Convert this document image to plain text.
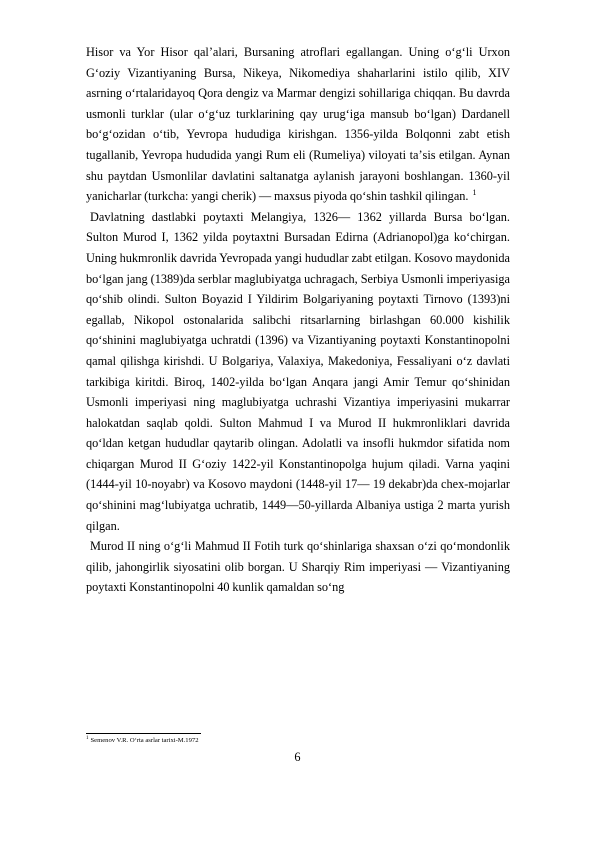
Hisor va Yor Hisor qalʼalari, Bursaning atroflari egallangan. Uning oʻgʻli Urxon Gʻoziy Vizantiyaning Bursa, Nikeya, Nikomediya shaharlarini istilo qilib, XIV asrning oʻrtalaridayoq Qora dengiz va Marmar dengizi sohillariga chiqqan. Bu davrda usmonli turklar (ular oʻgʻuz turklarining qay urugʻiga mansub boʻlgan) Dardanell boʻgʻozidan oʻtib, Yevropa hududiga kirishgan. 1356-yilda Bolqonni zabt etish tugallanib, Yevropa hududida yangi Rum eli (Rumeliya) viloyati taʼsis etilgan. Aynan shu paytdan Usmonlilar davlatini saltanatga aylanish jarayoni boshlangan. 1360-yil yanicharlar (turkcha: yangi cherik) — maxsus piyoda qoʻshin tashkil qilingan. $^1$

Davlatning dastlabki poytaxti Melangiya, 1326— 1362 yillarda Bursa boʻlgan. Sulton Murod I, 1362 yilda poytaxtni Bursadan Edirna (Adrianopol)ga koʻchirgan. Uning hukmronlik davrida Yevropada yangi hududlar zabt etilgan. Kosovo maydonida boʻlgan jang (1389)da serblar maglubiyatga uchragach, Serbiya Usmonli imperiyasiga qoʻshib olindi. Sulton Boyazid I Yildirim Bolgariyaning poytaxti Tirnovo (1393)ni egallab, Nikopol ostonalarida salibchi ritsarlarning birlashgan 60.000 kishilik qoʻshinini maglubiyatga uchratdi (1396) va Vizantiyaning poytaxti Konstantinopolni qamal qilishga kirishdi. U Bolgariya, Valaxiya, Makedoniya, Fessaliyani oʻz davlati tarkibiga kiritdi. Biroq, 1402-yilda boʻlgan Anqara jangi Amir Temur qoʻshinidan Usmonli imperiyasi ning maglubiyatga uchrashi Vizantiya imperiyasini mukarrar halokatdan saqlab qoldi. Sulton Mahmud I va Murod II hukmronliklari davrida qoʻldan ketgan hududlar qaytarib olingan. Adolatli va insofli hukmdor sifatida nom chiqargan Murod II Gʻoziy 1422-yil Konstantinopolga hujum qiladi. Varna yaqini (1444-yil 10-noyabr) va Kosovo maydoni (1448-yil 17— 19 dekabr)da chex-mojarlar qoʻshinini magʻlubiyatga uchratib, 1449—50-yillarda Albaniya ustiga 2 marta yurish qilgan.

Murod II ning oʻgʻli Mahmud II Fotih turk qoʻshinlariga shaxsan oʻzi qoʻmondonlik qilib, jahongirlik siyosatini olib borgan. U Sharqiy Rim imperiyasi — Vizantiyaning poytaxti Konstantinopolni 40 kunlik qamaldan soʻng

$^1$ Semenov V.R. Oʻrta asrlar tarixi-M.1972
6
